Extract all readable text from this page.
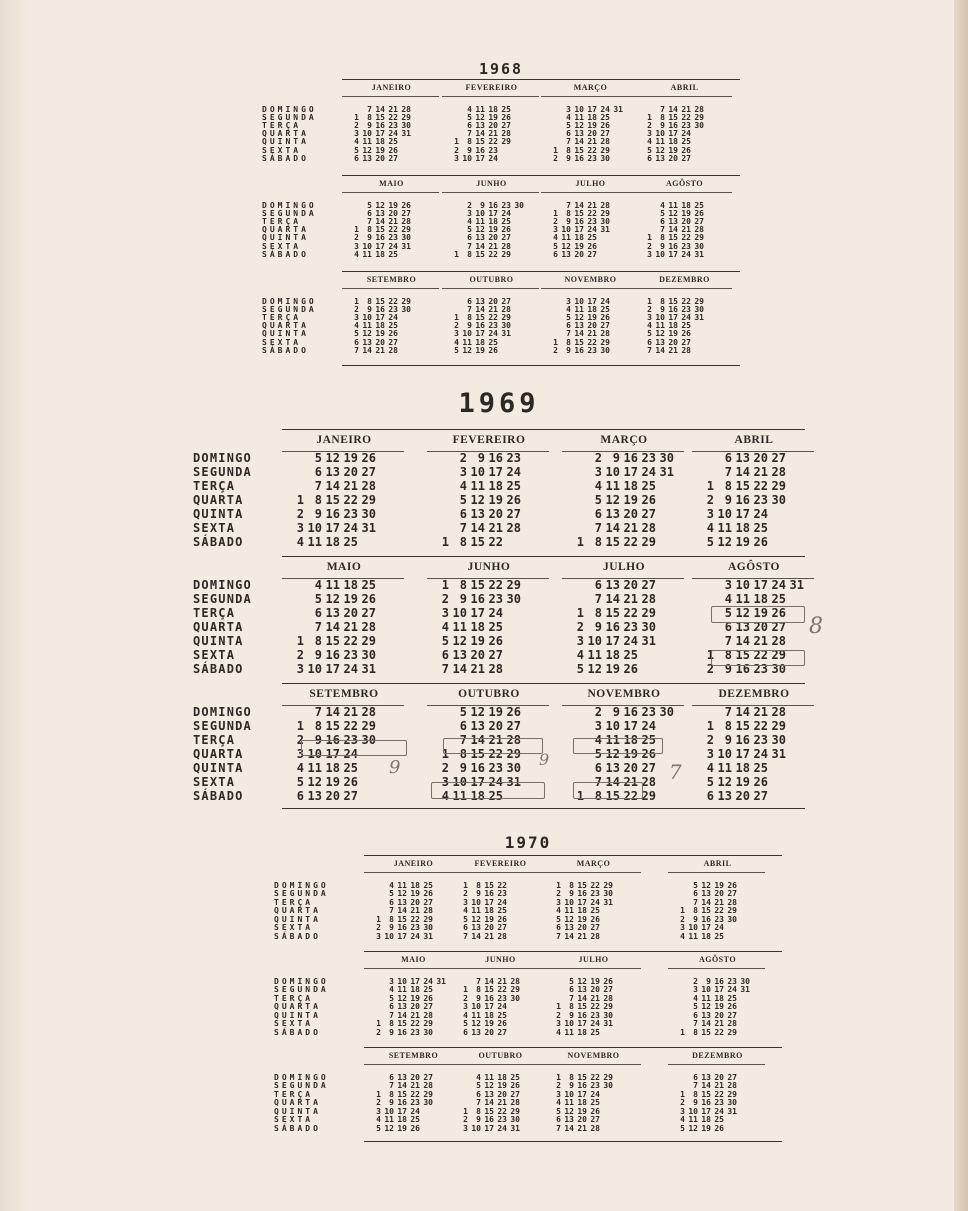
1968
DOMINGO
SEGUNDA
TERÇA
QUARTA
QUINTA
SEXTA
SÁBADO
JANEIRO
1
2
3
4
5
6
7
8
9
10
11
12
13
14
15
16
17
18
19
20
21
22
23
24
25
26
27
28
29
30
31
FEVEREIRO
1
2
3
4
5
6
7
8
9
10
11
12
13
14
15
16
17
18
19
20
21
22
23
24
25
26
27
28
29
MARÇO
1
2
3
4
5
6
7
8
9
10
11
12
13
14
15
16
17
18
19
20
21
22
23
24
25
26
27
28
29
30
31
ABRIL
1
2
3
4
5
6
7
8
9
10
11
12
13
14
15
16
17
18
19
20
21
22
23
24
25
26
27
28
29
30
DOMINGO
SEGUNDA
TERÇA
QUARTA
QUINTA
SEXTA
SÁBADO
MAIO
1
2
3
4
5
6
7
8
9
10
11
12
13
14
15
16
17
18
19
20
21
22
23
24
25
26
27
28
29
30
31
JUNHO
1
2
3
4
5
6
7
8
9
10
11
12
13
14
15
16
17
18
19
20
21
22
23
24
25
26
27
28
29
30
JULHO
1
2
3
4
5
6
7
8
9
10
11
12
13
14
15
16
17
18
19
20
21
22
23
24
25
26
27
28
29
30
31
AGÔSTO
1
2
3
4
5
6
7
8
9
10
11
12
13
14
15
16
17
18
19
20
21
22
23
24
25
26
27
28
29
30
31
DOMINGO
SEGUNDA
TERÇA
QUARTA
QUINTA
SEXTA
SÁBADO
SETEMBRO
1
2
3
4
5
6
7
8
9
10
11
12
13
14
15
16
17
18
19
20
21
22
23
24
25
26
27
28
29
30
OUTUBRO
1
2
3
4
5
6
7
8
9
10
11
12
13
14
15
16
17
18
19
20
21
22
23
24
25
26
27
28
29
30
31
NOVEMBRO
1
2
3
4
5
6
7
8
9
10
11
12
13
14
15
16
17
18
19
20
21
22
23
24
25
26
27
28
29
30
DEZEMBRO
1
2
3
4
5
6
7
8
9
10
11
12
13
14
15
16
17
18
19
20
21
22
23
24
25
26
27
28
29
30
31
1969
DOMINGO
SEGUNDA
TERÇA
QUARTA
QUINTA
SEXTA
SÁBADO
JANEIRO
1
2
3
4
5
6
7
8
9
10
11
12
13
14
15
16
17
18
19
20
21
22
23
24
25
26
27
28
29
30
31
FEVEREIRO
1
2
3
4
5
6
7
8
9
10
11
12
13
14
15
16
17
18
19
20
21
22
23
24
25
26
27
28
MARÇO
1
2
3
4
5
6
7
8
9
10
11
12
13
14
15
16
17
18
19
20
21
22
23
24
25
26
27
28
29
30
31
ABRIL
1
2
3
4
5
6
7
8
9
10
11
12
13
14
15
16
17
18
19
20
21
22
23
24
25
26
27
28
29
30
DOMINGO
SEGUNDA
TERÇA
QUARTA
QUINTA
SEXTA
SÁBADO
MAIO
1
2
3
4
5
6
7
8
9
10
11
12
13
14
15
16
17
18
19
20
21
22
23
24
25
26
27
28
29
30
31
JUNHO
1
2
3
4
5
6
7
8
9
10
11
12
13
14
15
16
17
18
19
20
21
22
23
24
25
26
27
28
29
30
JULHO
1
2
3
4
5
6
7
8
9
10
11
12
13
14
15
16
17
18
19
20
21
22
23
24
25
26
27
28
29
30
31
AGÔSTO
1
2
3
4
5
6
7
8
9
10
11
12
13
14
15
16
17
18
19
20
21
22
23
24
25
26
27
28
29
30
31
DOMINGO
SEGUNDA
TERÇA
QUARTA
QUINTA
SEXTA
SÁBADO
SETEMBRO
1
2
3
4
5
6
7
8
9
10
11
12
13
14
15
16
17
18
19
20
21
22
23
24
25
26
27
28
29
30
OUTUBRO
1
2
3
4
5
6
7
8
9
10
11
12
13
14
15
16
17
18
19
20
21
22
23
24
25
26
27
28
29
30
31
NOVEMBRO
1
2
3
4
5
6
7
8
9
10
11
12
13
14
15
16
17
18
19
20
21
22
23
24
25
26
27
28
29
30
DEZEMBRO
1
2
3
4
5
6
7
8
9
10
11
12
13
14
15
16
17
18
19
20
21
22
23
24
25
26
27
28
29
30
31
8
9	9
7
1970
DOMINGO
SEGUNDA
TERÇA
QUARTA
QUINTA
SEXTA
SÁBADO
JANEIRO
1
2
3
4
5
6
7
8
9
10
11
12
13
14
15
16
17
18
19
20
21
22
23
24
25
26
27
28
29
30
31
FEVEREIRO
1
2
3
4
5
6
7
8
9
10
11
12
13
14
15
16
17
18
19
20
21
22
23
24
25
26
27
28
MARÇO
1
2
3
4
5
6
7
8
9
10
11
12
13
14
15
16
17
18
19
20
21
22
23
24
25
26
27
28
29
30
31
ABRIL
1
2
3
4
5
6
7
8
9
10
11
12
13
14
15
16
17
18
19
20
21
22
23
24
25
26
27
28
29
30
DOMINGO
SEGUNDA
TERÇA
QUARTA
QUINTA
SEXTA
SÁBADO
MAIO
1
2
3
4
5
6
7
8
9
10
11
12
13
14
15
16
17
18
19
20
21
22
23
24
25
26
27
28
29
30
31
JUNHO
1
2
3
4
5
6
7
8
9
10
11
12
13
14
15
16
17
18
19
20
21
22
23
24
25
26
27
28
29
30
JULHO
1
2
3
4
5
6
7
8
9
10
11
12
13
14
15
16
17
18
19
20
21
22
23
24
25
26
27
28
29
30
31
AGÔSTO
1
2
3
4
5
6
7
8
9
10
11
12
13
14
15
16
17
18
19
20
21
22
23
24
25
26
27
28
29
30
31
DOMINGO
SEGUNDA
TERÇA
QUARTA
QUINTA
SEXTA
SÁBADO
SETEMBRO
1
2
3
4
5
6
7
8
9
10
11
12
13
14
15
16
17
18
19
20
21
22
23
24
25
26
27
28
29
30
OUTUBRO
1
2
3
4
5
6
7
8
9
10
11
12
13
14
15
16
17
18
19
20
21
22
23
24
25
26
27
28
29
30
31
NOVEMBRO
1
2
3
4
5
6
7
8
9
10
11
12
13
14
15
16
17
18
19
20
21
22
23
24
25
26
27
28
29
30
DEZEMBRO
1
2
3
4
5
6
7
8
9
10
11
12
13
14
15
16
17
18
19
20
21
22
23
24
25
26
27
28
29
30
31
